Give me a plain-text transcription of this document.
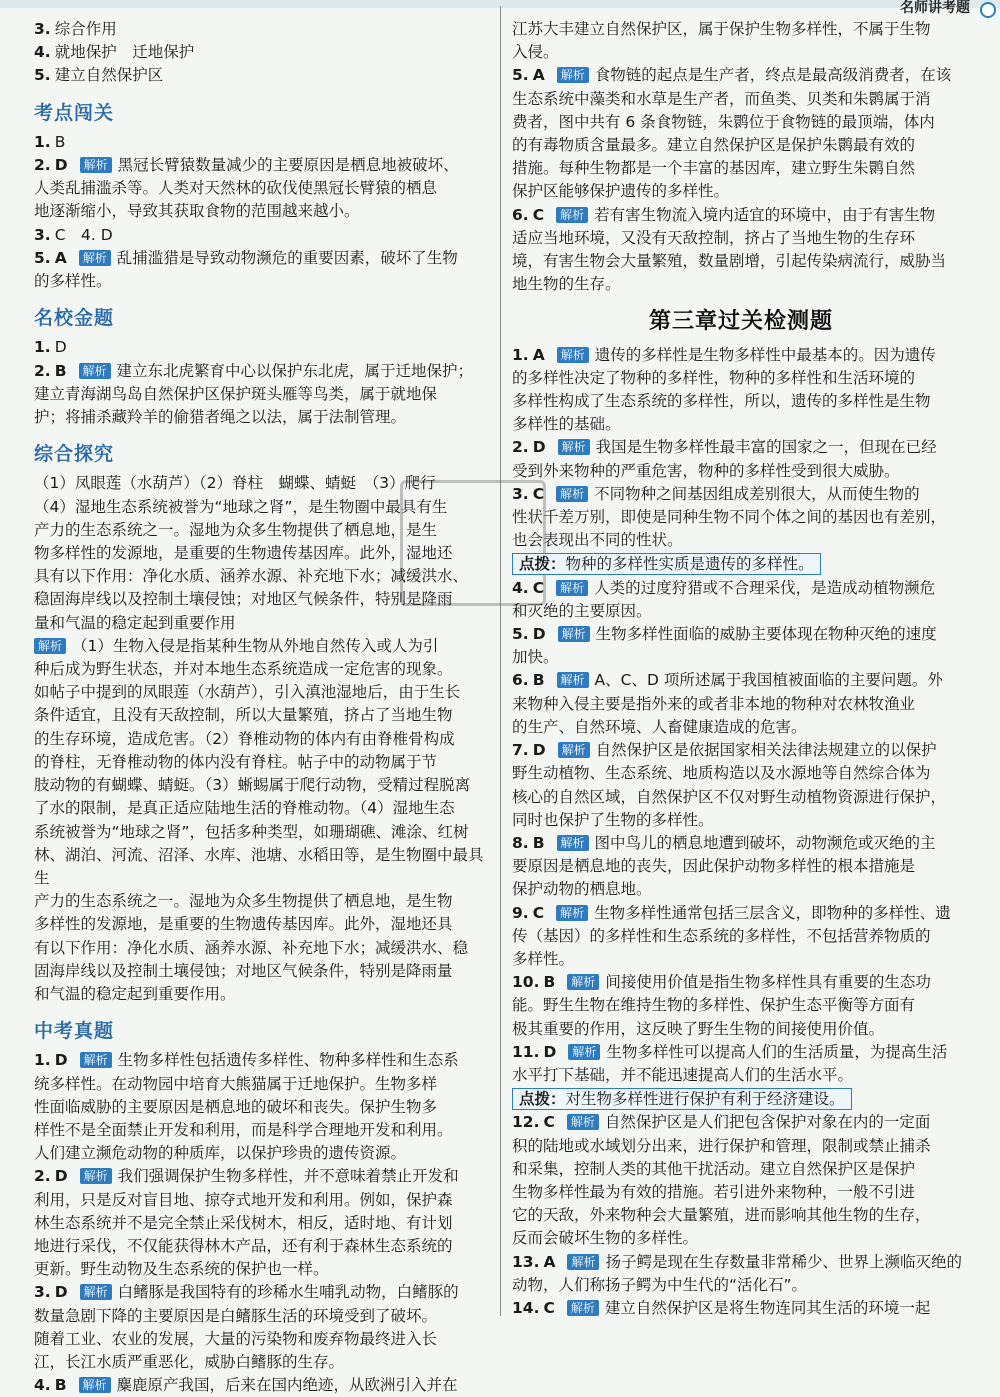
名师讲考题
3. 综合作用
4. 就地保护　迁地保护
5. 建立自然保护区
考点闯关
1. B
2. D 解析 黑冠长臂猿数量减少的主要原因是栖息地被破坏、
人类乱捕滥杀等。人类对天然林的砍伐使黑冠长臂猿的栖息
地逐渐缩小，导致其获取食物的范围越来越小。
3. C　4. D
5. A 解析 乱捕滥猎是导致动物濒危的重要因素，破坏了生物
的多样性。
名校金题
1. D
2. B 解析 建立东北虎繁育中心以保护东北虎，属于迁地保护；
建立青海湖鸟岛自然保护区保护斑头雁等鸟类，属于就地保
护；将捕杀藏羚羊的偷猎者绳之以法，属于法制管理。
综合探究
（1）凤眼莲（水葫芦）（2）脊柱　蝴蝶、蜻蜓　（3）爬行
（4）湿地生态系统被誉为“地球之肾”，是生物圈中最具有生
产力的生态系统之一。湿地为众多生物提供了栖息地，是生
物多样性的发源地，是重要的生物遗传基因库。此外，湿地还
具有以下作用：净化水质、涵养水源、补充地下水；减缓洪水、
稳固海岸线以及控制土壤侵蚀；对地区气候条件，特别是降雨
量和气温的稳定起到重要作用
解析 （1）生物入侵是指某种生物从外地自然传入或人为引
种后成为野生状态，并对本地生态系统造成一定危害的现象。
如帖子中提到的凤眼莲（水葫芦），引入滇池湿地后，由于生长
条件适宜，且没有天敌控制，所以大量繁殖，挤占了当地生物
的生存环境，造成危害。（2）脊椎动物的体内有由脊椎骨构成
的脊柱，无脊椎动物的体内没有脊柱。帖子中的动物属于节
肢动物的有蝴蝶、蜻蜓。（3）蜥蜴属于爬行动物，受精过程脱离
了水的限制，是真正适应陆地生活的脊椎动物。（4）湿地生态
系统被誉为“地球之肾”，包括多种类型，如珊瑚礁、滩涂、红树
林、湖泊、河流、沼泽、水库、池塘、水稻田等，是生物圈中最具生
产力的生态系统之一。湿地为众多生物提供了栖息地，是生物
多样性的发源地，是重要的生物遗传基因库。此外，湿地还具
有以下作用：净化水质、涵养水源、补充地下水；减缓洪水、稳
固海岸线以及控制土壤侵蚀；对地区气候条件，特别是降雨量
和气温的稳定起到重要作用。
中考真题
1. D 解析 生物多样性包括遗传多样性、物种多样性和生态系
统多样性。在动物园中培育大熊猫属于迁地保护。生物多样
性面临威胁的主要原因是栖息地的破坏和丧失。保护生物多
样性不是全面禁止开发和利用，而是科学合理地开发和利用。
人们建立濒危动物的种质库，以保护珍贵的遗传资源。
2. D 解析 我们强调保护生物多样性，并不意味着禁止开发和
利用，只是反对盲目地、掠夺式地开发和利用。例如，保护森
林生态系统并不是完全禁止采伐树木，相反，适时地、有计划
地进行采伐，不仅能获得林木产品，还有利于森林生态系统的
更新。野生动物及生态系统的保护也一样。
3. D 解析 白鳍豚是我国特有的珍稀水生哺乳动物，白鳍豚的
数量急剧下降的主要原因是白鳍豚生活的环境受到了破坏。
随着工业、农业的发展，大量的污染物和废弃物最终进入长
江，长江水质严重恶化，威胁白鳍豚的生存。
4. B 解析 麋鹿原产我国，后来在国内绝迹，从欧洲引入并在
江苏大丰建立自然保护区，属于保护生物多样性，不属于生物
入侵。
5. A 解析 食物链的起点是生产者，终点是最高级消费者，在该
生态系统中藻类和水草是生产者，而鱼类、贝类和朱鹮属于消
费者，图中共有 6 条食物链，朱鹮位于食物链的最顶端，体内
的有毒物质含量最多。建立自然保护区是保护朱鹮最有效的
措施。每种生物都是一个丰富的基因库，建立野生朱鹮自然
保护区能够保护遗传的多样性。
6. C 解析 若有害生物流入境内适宜的环境中，由于有害生物
适应当地环境，又没有天敌控制，挤占了当地生物的生存环
境，有害生物会大量繁殖，数量剧增，引起传染病流行，威胁当
地生物的生存。
第三章过关检测题
1. A 解析 遗传的多样性是生物多样性中最基本的。因为遗传
的多样性决定了物种的多样性，物种的多样性和生活环境的
多样性构成了生态系统的多样性，所以，遗传的多样性是生物
多样性的基础。
2. D 解析 我国是生物多样性最丰富的国家之一，但现在已经
受到外来物种的严重危害，物种的多样性受到很大威胁。
3. C 解析 不同物种之间基因组成差别很大，从而使生物的
性状千差万别，即使是同种生物不同个体之间的基因也有差别，
也会表现出不同的性状。
点拨：物种的多样性实质是遗传的多样性。
4. C 解析 人类的过度狩猎或不合理采伐，是造成动植物濒危
和灭绝的主要原因。
5. D 解析 生物多样性面临的威胁主要体现在物种灭绝的速度
加快。
6. B 解析 A、C、D 项所述属于我国植被面临的主要问题。外
来物种入侵主要是指外来的或者非本地的物种对农林牧渔业
的生产、自然环境、人畜健康造成的危害。
7. D 解析 自然保护区是依据国家相关法律法规建立的以保护
野生动植物、生态系统、地质构造以及水源地等自然综合体为
核心的自然区域，自然保护区不仅对野生动植物资源进行保护，
同时也保护了生物的多样性。
8. B 解析 图中鸟儿的栖息地遭到破坏，动物濒危或灭绝的主
要原因是栖息地的丧失，因此保护动物多样性的根本措施是
保护动物的栖息地。
9. C 解析 生物多样性通常包括三层含义，即物种的多样性、遗
传（基因）的多样性和生态系统的多样性，不包括营养物质的
多样性。
10. B 解析 间接使用价值是指生物多样性具有重要的生态功
能。野生生物在维持生物的多样性、保护生态平衡等方面有
极其重要的作用，这反映了野生生物的间接使用价值。
11. D 解析 生物多样性可以提高人们的生活质量，为提高生活
水平打下基础，并不能迅速提高人们的生活水平。
点拨：对生物多样性进行保护有利于经济建设。
12. C 解析 自然保护区是人们把包含保护对象在内的一定面
积的陆地或水域划分出来，进行保护和管理，限制或禁止捕杀
和采集，控制人类的其他干扰活动。建立自然保护区是保护
生物多样性最为有效的措施。若引进外来物种，一般不引进
它的天敌，外来物种会大量繁殖，进而影响其他生物的生存，
反而会破坏生物的多样性。
13. A 解析 扬子鳄是现在生存数量非常稀少、世界上濒临灭绝的
动物，人们称扬子鳄为中生代的“活化石”。
14. C 解析 建立自然保护区是将生物连同其生活的环境一起
